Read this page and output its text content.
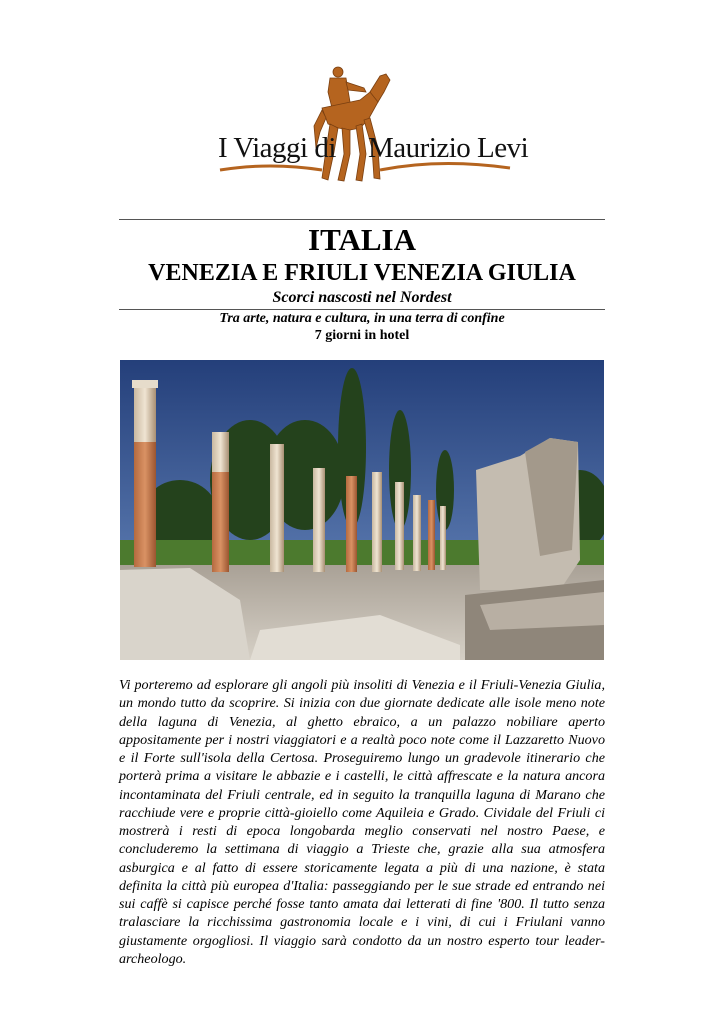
I Viaggi di Maurizio Levi
ITALIA
VENEZIA E FRIULI VENEZIA GIULIA

Scorci nascosti nel Nordest

Tra arte, natura e cultura, in una terra di confine

7 giorni in hotel

Vi porteremo ad esplorare gli angoli più insoliti di Venezia e il Friuli-Venezia Giulia, un mondo tutto da scoprire. Si inizia con due giornate dedicate alle isole meno note della laguna di Venezia, al ghetto ebraico, a un palazzo nobiliare aperto appositamente per i nostri viaggiatori e a realtà poco note come il Lazzaretto Nuovo e il Forte sull'isola della Certosa. Proseguiremo lungo un gradevole itinerario che porterà prima a visitare le abbazie e i castelli, le città affrescate e la natura ancora incontaminata del Friuli centrale, ed in seguito la tranquilla laguna di Marano che racchiude vere e proprie città-gioiello come Aquileia e Grado. Cividale del Friuli ci mostrerà i resti di epoca longobarda meglio conservati nel nostro Paese, e concluderemo la settimana di viaggio a Trieste che, grazie alla sua atmosfera asburgica e al fatto di essere storicamente legata a più di una nazione, è stata definita la città più europea d'Italia: passeggiando per le sue strade ed entrando nei sui caffè si capisce perché fosse tanto amata dai letterati di fine '800. Il tutto senza tralasciare la ricchissima gastronomia locale e i vini, di cui i Friulani vanno giustamente orgogliosi. Il viaggio sarà condotto da un nostro esperto tour leader-archeologo.
